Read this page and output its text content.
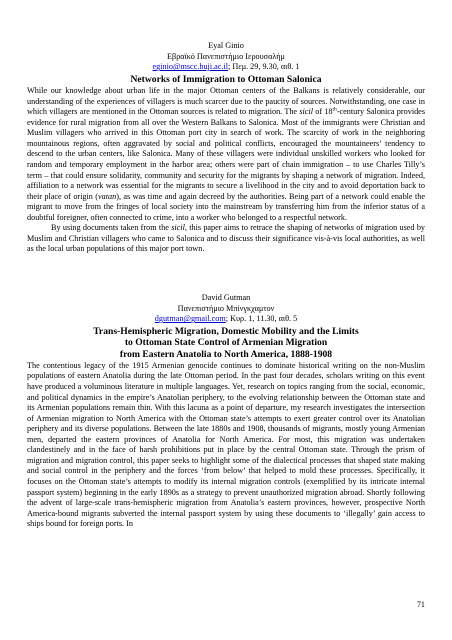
Eyal Ginio
Εβραϊκό Πανεπιστήμιο Ιερουσαλήμ
eginio@mscc.huji.ac.il; Πεμ. 29, 9.30, αιθ. 1
Networks of Immigration to Ottoman Salonica

While our knowledge about urban life in the major Ottoman centers of the Balkans is relatively considerable, our understanding of the experiences of villagers is much scarcer due to the paucity of sources. Notwithstanding, one case in which villagers are mentioned in the Ottoman sources is related to migration. The sicil of 18th-century Salonica provides evidence for rural migration from all over the Western Balkans to Salonica. Most of the immigrants were Christian and Muslim villagers who arrived in this Ottoman port city in search of work. The scarcity of work in the neighboring mountainous regions, often aggravated by social and political conflicts, encouraged the mountaineers’ tendency to descend to the urban centers, like Salonica. Many of these villagers were individual unskilled workers who looked for random and temporary employment in the harbor area; others were part of chain immigration – to use Charles Tilly’s term – that could ensure solidarity, community and security for the migrants by shaping a network of migration. Indeed, affiliation to a network was essential for the migrants to secure a livelihood in the city and to avoid deportation back to their place of origin (vatan), as was time and again decreed by the authorities. Being part of a network could enable the migrant to move from the fringes of local society into the mainstream by transferring him from the inferior status of a doubtful foreigner, often connected to crime, into a worker who belonged to a respectful network.

By using documents taken from the sicil, this paper aims to retrace the shaping of networks of migration used by Muslim and Christian villagers who came to Salonica and to discuss their significance vis-à-vis local authorities, as well as the local urban populations of this major port town.

David Gutman
Πανεπιστήμιο Μπίνγκχαμτον
dgutman@gmail.com; Κυρ. 1, 11.30, αιθ. 5
Trans-Hemispheric Migration, Domestic Mobility and the Limits
to Ottoman State Control of Armenian Migration
from Eastern Anatolia to North America, 1888-1908

The contentious legacy of the 1915 Armenian genocide continues to dominate historical writing on the non-Muslim populations of eastern Anatolia during the late Ottoman period. In the past four decades, scholars writing on this event have produced a voluminous literature in multiple languages. Yet, research on topics ranging from the social, economic, and political dynamics in the empire’s Anatolian periphery, to the evolving relationship between the Ottoman state and its Armenian populations remain thin. With this lacuna as a point of departure, my research investigates the intersection of Armenian migration to North America with the Ottoman state’s attempts to exert greater control over its Anatolian periphery and its diverse populations. Between the late 1880s and 1908, thousands of migrants, mostly young Armenian men, departed the eastern provinces of Anatolia for North America. For most, this migration was undertaken clandestinely and in the face of harsh prohibitions put in place by the central Ottoman state. Through the prism of migration and migration control, this paper seeks to highlight some of the dialectical processes that shaped state making and social control in the periphery and the forces ‘from below’ that helped to mold these processes. Specifically, it focuses on the Ottoman state’s attempts to modify its internal migration controls (exemplified by its intricate internal passport system) beginning in the early 1890s as a strategy to prevent unauthorized migration abroad. Shortly following the advent of large-scale trans-hemispheric migration from Anatolia’s eastern provinces, however, prospective North America-bound migrants subverted the internal passport system by using these documents to ‘illegally’ gain access to ships bound for foreign ports. In

71
